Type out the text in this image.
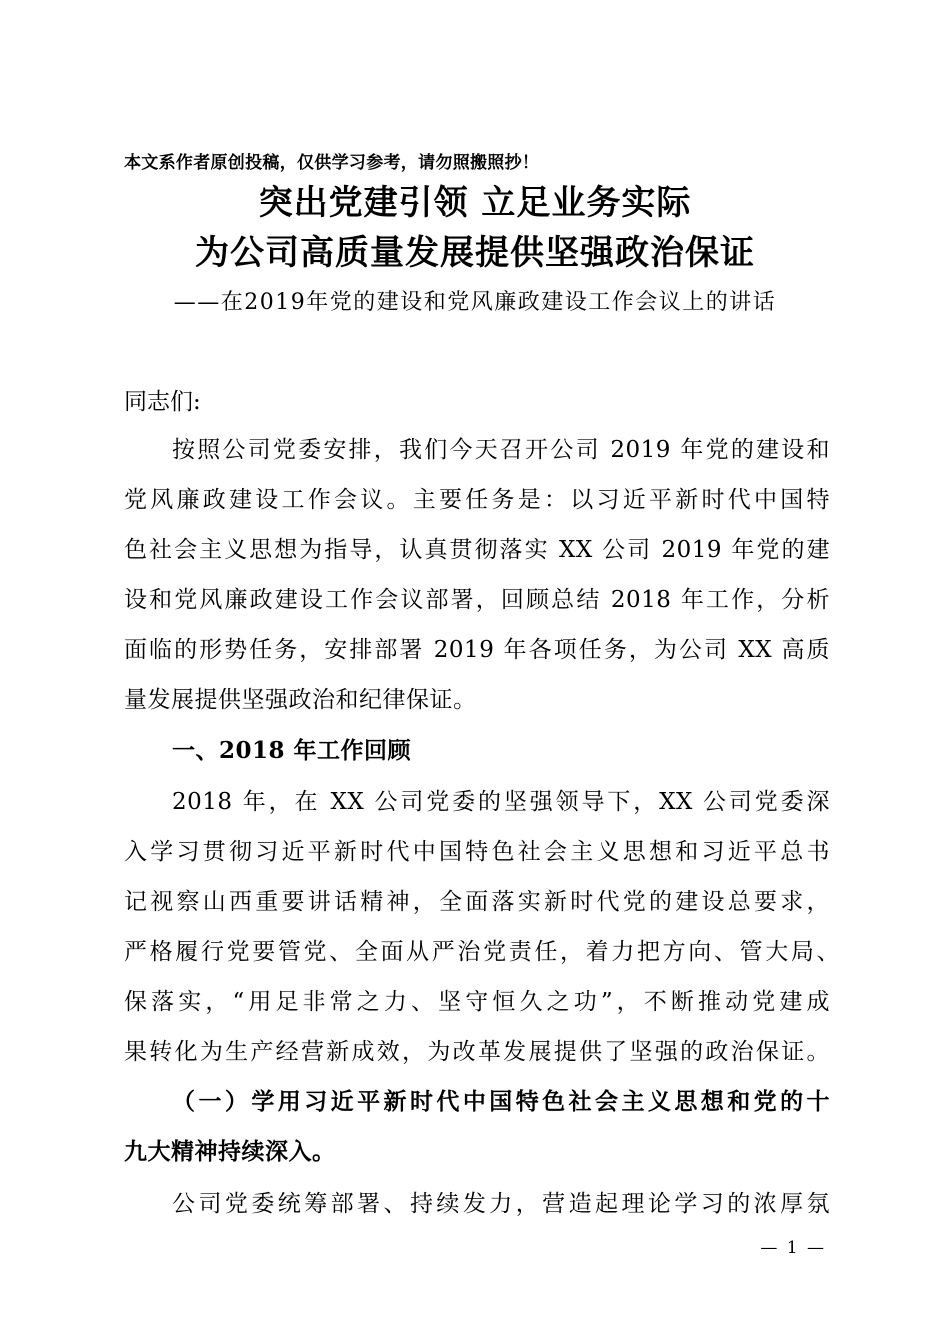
本文系作者原创投稿，仅供学习参考，请勿照搬照抄！
突出党建引领 立足业务实际
为公司高质量发展提供坚强政治保证
——在2019年党的建设和党风廉政建设工作会议上的讲话
同志们:
按照公司党委安排，我们今天召开公司 2019 年党的建设和
党风廉政建设工作会议。主要任务是：以习近平新时代中国特
色社会主义思想为指导，认真贯彻落实 XX 公司 2019 年党的建
设和党风廉政建设工作会议部署，回顾总结 2018 年工作，分析
面临的形势任务，安排部署 2019 年各项任务，为公司 XX 高质
量发展提供坚强政治和纪律保证。
一、2018 年工作回顾
2018 年，在 XX 公司党委的坚强领导下，XX 公司党委深
入学习贯彻习近平新时代中国特色社会主义思想和习近平总书
记视察山西重要讲话精神，全面落实新时代党的建设总要求，
严格履行党要管党、全面从严治党责任，着力把方向、管大局、
保落实，“用足非常之力、坚守恒久之功”，不断推动党建成
果转化为生产经营新成效，为改革发展提供了坚强的政治保证。
（一）学用习近平新时代中国特色社会主义思想和党的十
九大精神持续深入。
公司党委统筹部署、持续发力，营造起理论学习的浓厚氛
— 1 —
